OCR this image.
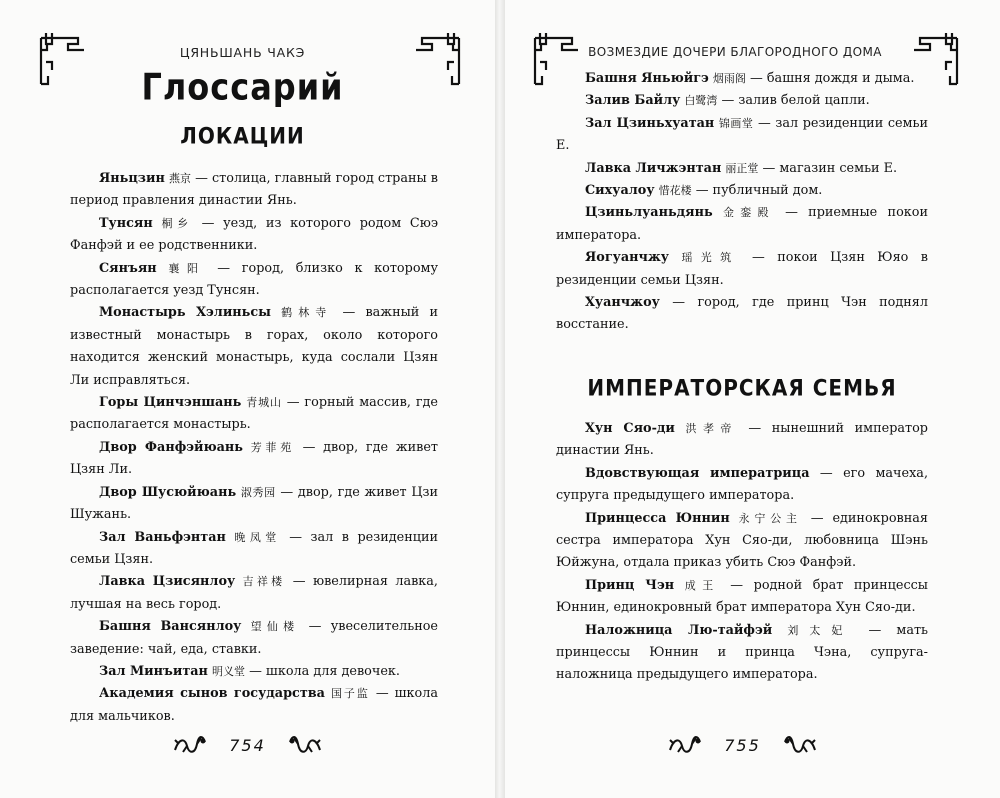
ЦЯНЬШАНЬ ЧАКЭ
Глоссарий
ЛОКАЦИИ

Яньцзин 燕京 — столица, главный город страны в период правления династии Янь.

Тунсян 桐乡 — уезд, из которого родом Сюэ Фанфэй и ее родственники.

Сянъян 襄阳 — город, близко к которому располагается уезд Тунсян.

Монастырь Хэлиньсы 鹤林寺 — важный и известный монастырь в горах, около которого находится женский монастырь, куда сослали Цзян Ли исправляться.

Горы Цинчэншань 青城山 — горный массив, где располагается монастырь.

Двор Фанфэйюань 芳菲苑 — двор, где живет Цзян Ли.

Двор Шусюйюань 淑秀园 — двор, где живет Цзи Шужань.

Зал Ваньфэнтан 晚凤堂 — зал в резиденции семьи Цзян.

Лавка Цзисянлоу 吉祥楼 — ювелирная лавка, лучшая на весь город.

Башня Вансянлоу 望仙楼 — увеселительное заведение: чай, еда, ставки.

Зал Минъитан 明义堂 — школа для девочек.

Академия сынов государства 国子监 — школа для мальчиков.

754
ВОЗМЕЗДИЕ ДОЧЕРИ БЛАГОРОДНОГО ДОМА

Башня Яньюйгэ 烟雨阁 — башня дождя и дыма.

Залив Байлу 白鹭湾 — залив белой цапли.

Зал Цзиньхуатан 锦画堂 — зал резиденции семьи Е.

Лавка Личжэнтан 丽正堂 — магазин семьи Е.

Сихуалоу 惜花楼 — публичный дом.

Цзиньлуаньдянь 金銮殿 — приемные покои императора.

Яогуанчжу 瑶光筑 — покои Цзян Юяо в резиденции семьи Цзян.

Хуанчжоу — город, где принц Чэн поднял восстание.

ИМПЕРАТОРСКАЯ СЕМЬЯ

Хун Сяо-ди 洪孝帝 — нынешний император династии Янь.

Вдовствующая императрица — его мачеха, супруга предыдущего императора.

Принцесса Юннин 永宁公主 — единокровная сестра императора Хун Сяо-ди, любовница Шэнь Юйжуна, отдала приказ убить Сюэ Фанфэй.

Принц Чэн 成王 — родной брат принцессы Юннин, единокровный брат императора Хун Сяо-ди.

Наложница Лю-тайфэй 刘太妃 — мать принцессы Юннин и принца Чэна, супруга-наложница предыдущего императора.

755
